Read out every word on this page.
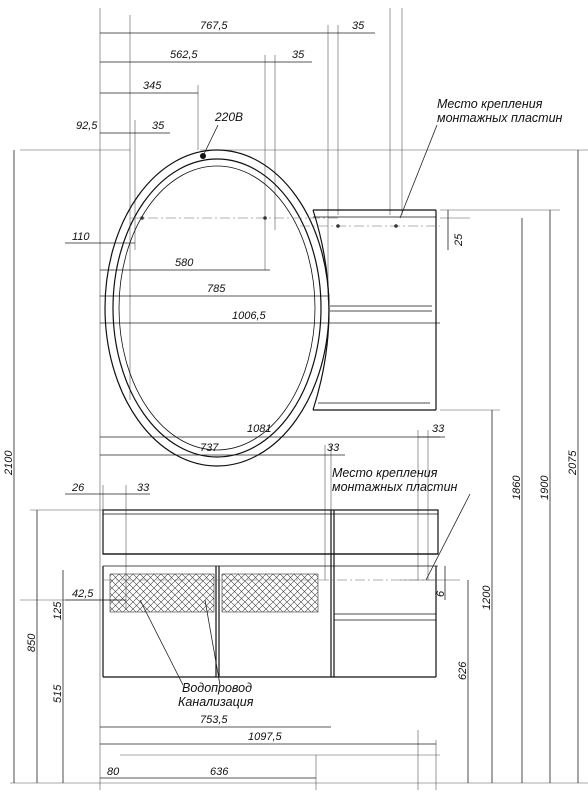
767,5	35
562,5	35
345
92,5	35
110
580
785
1006,5
1081	33
737	33
26	33
220В
25
Место крепления
монтажных пластин
Место крепления
монтажных пластин
Водопровод
Канализация
2100
850
125
515
42,5	6
626
1200
1860 1900
2075
753,5
1097,5
80	636
